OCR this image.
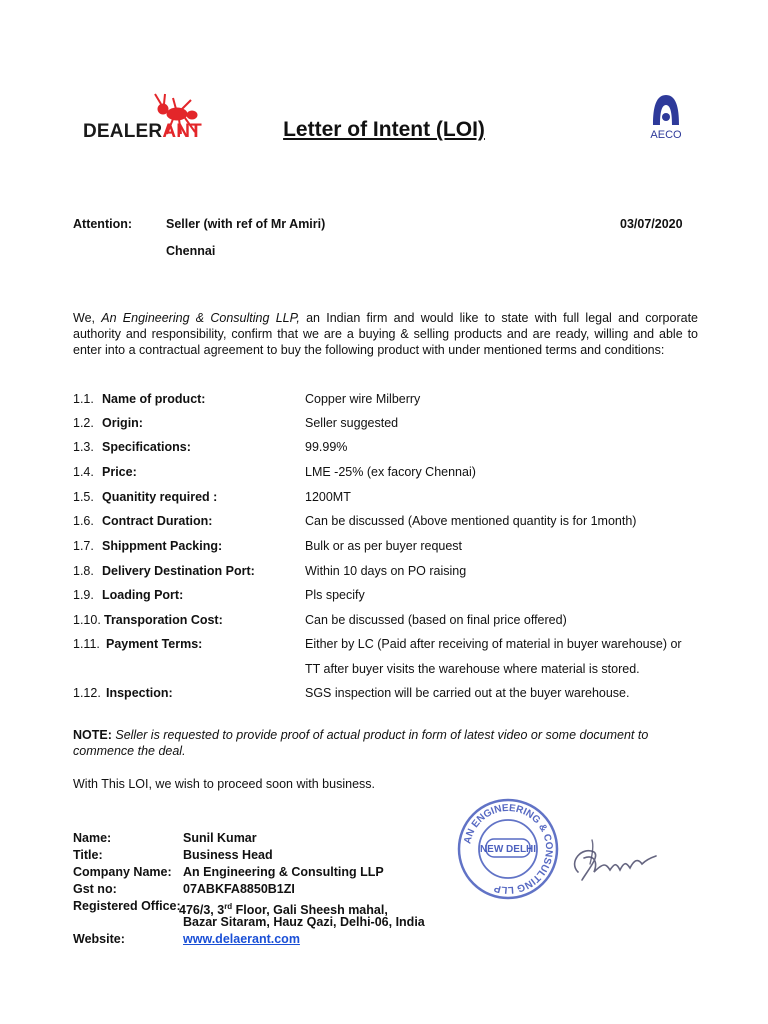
DEALERANT	Letter of Intent (LOI)	AECO
Attention:	Seller (with ref of Mr Amiri)	03/07/2020
Chennai
We, An Engineering & Consulting LLP, an Indian firm and would like to state with full legal and corporate authority and responsibility, confirm that we are a buying & selling products and are ready, willing and able to enter into a contractual agreement to buy the following product with under mentioned terms and conditions:
1.1. Name of product:	Copper wire Milberry
1.2. Origin:	Seller suggested
1.3. Specifications:	99.99%
1.4. Price:	LME -25% (ex facory Chennai)
1.5. Quanitity required :	1200MT
1.6. Contract Duration:	Can be discussed (Above mentioned quantity is for 1month)
1.7. Shippment Packing:	Bulk or as per buyer request
1.8. Delivery Destination Port:	Within 10 days on PO raising
1.9. Loading Port:	Pls specify
1.10. Transporation Cost:	Can be discussed (based on final price offered)
1.11. Payment Terms:	Either by LC (Paid after receiving of material in buyer warehouse) or
TT after buyer visits the warehouse where material is stored.
1.12. Inspection:	SGS inspection will be carried out at the buyer warehouse.
NOTE: Seller is requested to provide proof of actual product in form of latest video or some document to commence the deal.
With This LOI, we wish to proceed soon with business.
Name:	Sunil Kumar
Title:	Business Head
Company Name: An Engineering & Consulting LLP
Gst no:	07ABKFA8850B1ZI
Registered Office:
476/3, 3rd Floor, Gali Sheesh mahal,
Bazar Sitaram, Hauz Qazi, Delhi-06, India
Website:	www.delaerant.com
AN ENGINEERING & CONSULTING LLP
NEW DELHI
